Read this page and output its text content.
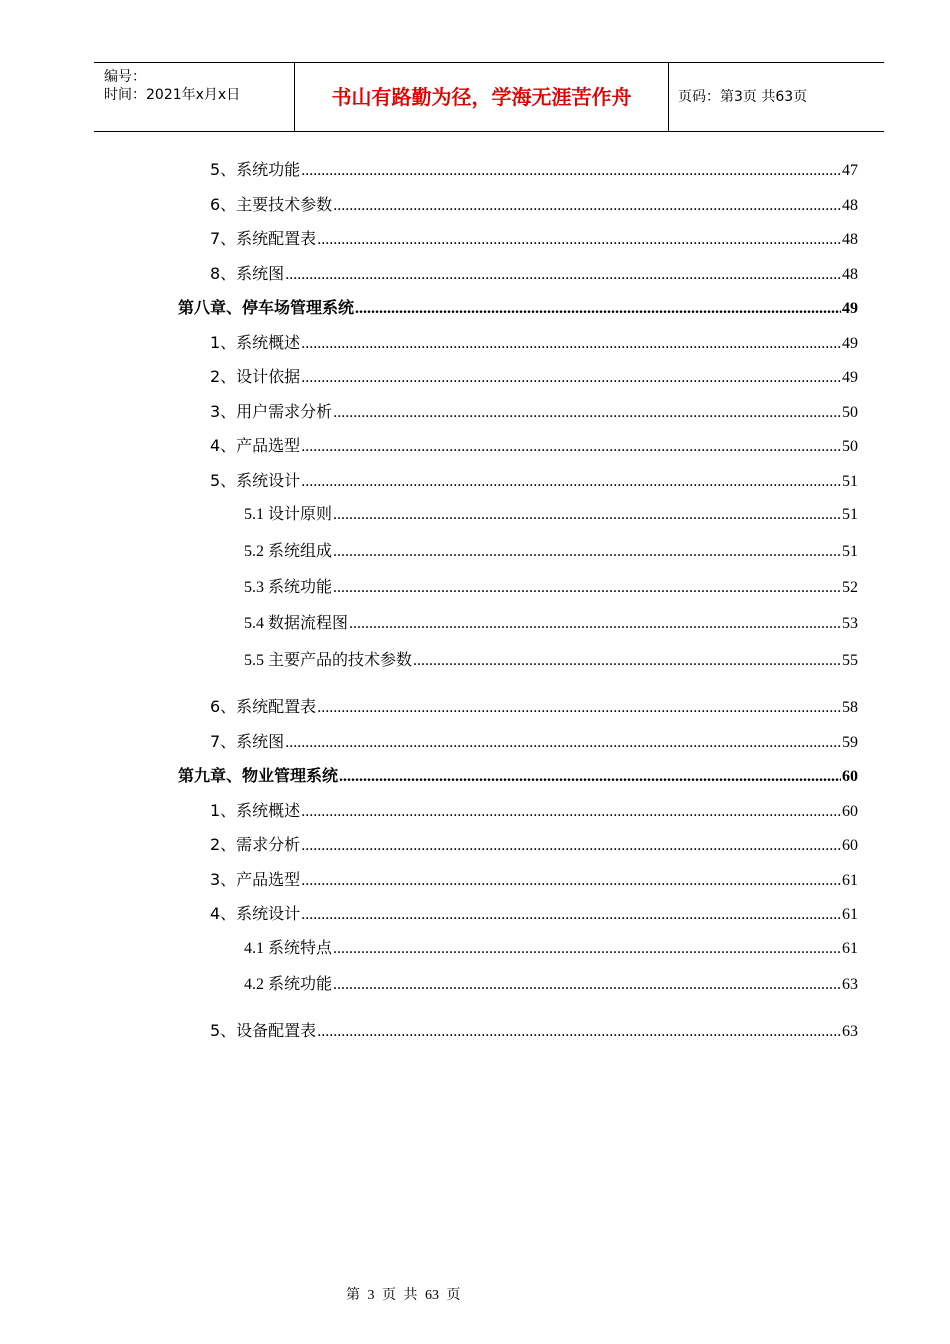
编号：
时间：2021年x月x日	书山有路勤为径，学海无涯苦作舟	页码：第3页 共63页
5、系统功能 .....	47
6、主要技术参数 .....	48
7、系统配置表 .....	48
8、系统图 .....	48
第八章、停车场管理系统 .....	49
1、系统概述 .....	49
2、设计依据 .....	49
3、用户需求分析 .....	50
4、产品选型 .....	50
5、系统设计 .....	51
5.1 设计原则 .....	51
5.2 系统组成 .....	51
5.3 系统功能 .....	52
5.4 数据流程图 .....	53
5.5 主要产品的技术参数 .....	55
6、系统配置表 .....	58
7、系统图 .....	59
第九章、物业管理系统 .....	60
1、系统概述 .....	60
2、需求分析 .....	60
3、产品选型 .....	61
4、系统设计 .....	61
4.1 系统特点 .....	61
4.2 系统功能 .....	63
5、设备配置表 .....	63
第 3 页 共 63 页
